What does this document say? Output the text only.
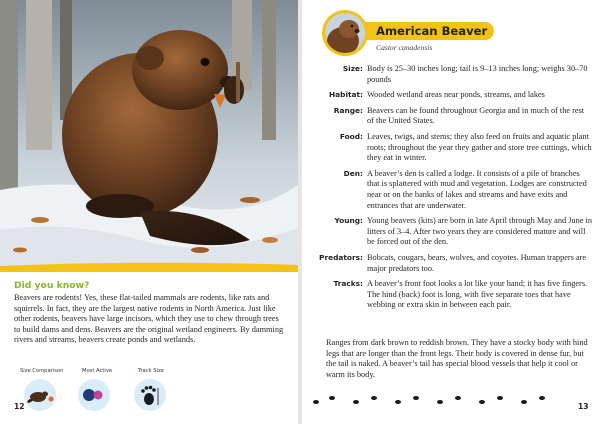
Did you know?
Beavers are rodents! Yes, these flat-tailed mammals are rodents, like rats and squirrels. In fact, they are the largest native rodents in North America. Just like other rodents, beavers have large incisors, which they use to chew through trees to build dams and dens. Beavers are the original wetland engineers. By damming rivers and streams, beavers create ponds and wetlands.
Size Comparison	Most Active	Track Size
12
American Beaver
Castor canadensis
Size: Body is 25–30 inches long; tail is 9–13 inches long; weighs 30–70 pounds
Habitat: Wooded wetland areas near ponds, streams, and lakes
Range: Beavers can be found throughout Georgia and in much of the rest of the United States.
Food: Leaves, twigs, and stems; they also feed on fruits and aquatic plant roots; throughout the year they gather and store tree cuttings, which they eat in winter.
Den: A beaver’s den is called a lodge. It consists of a pile of branches that is splattered with mud and vegetation. Lodges are constructed near or on the banks of lakes and streams and have exits and entrances that are underwater.
Young: Young beavers (kits) are born in late April through May and June in litters of 3–4. After two years they are considered mature and will be forced out of the den.
Predators: Bobcats, cougars, bears, wolves, and coyotes. Human trappers are major predators too.
Tracks: A beaver’s front foot looks a lot like your hand; it has five fingers. The hind (back) foot is long, with five separate toes that have webbing or extra skin in between each pair.
Ranges from dark brown to reddish brown. They have a stocky body with hind legs that are longer than the front legs. Their body is covered in dense fur, but the tail is naked. A beaver’s tail has special blood vessels that help it cool or warm its body.
13
